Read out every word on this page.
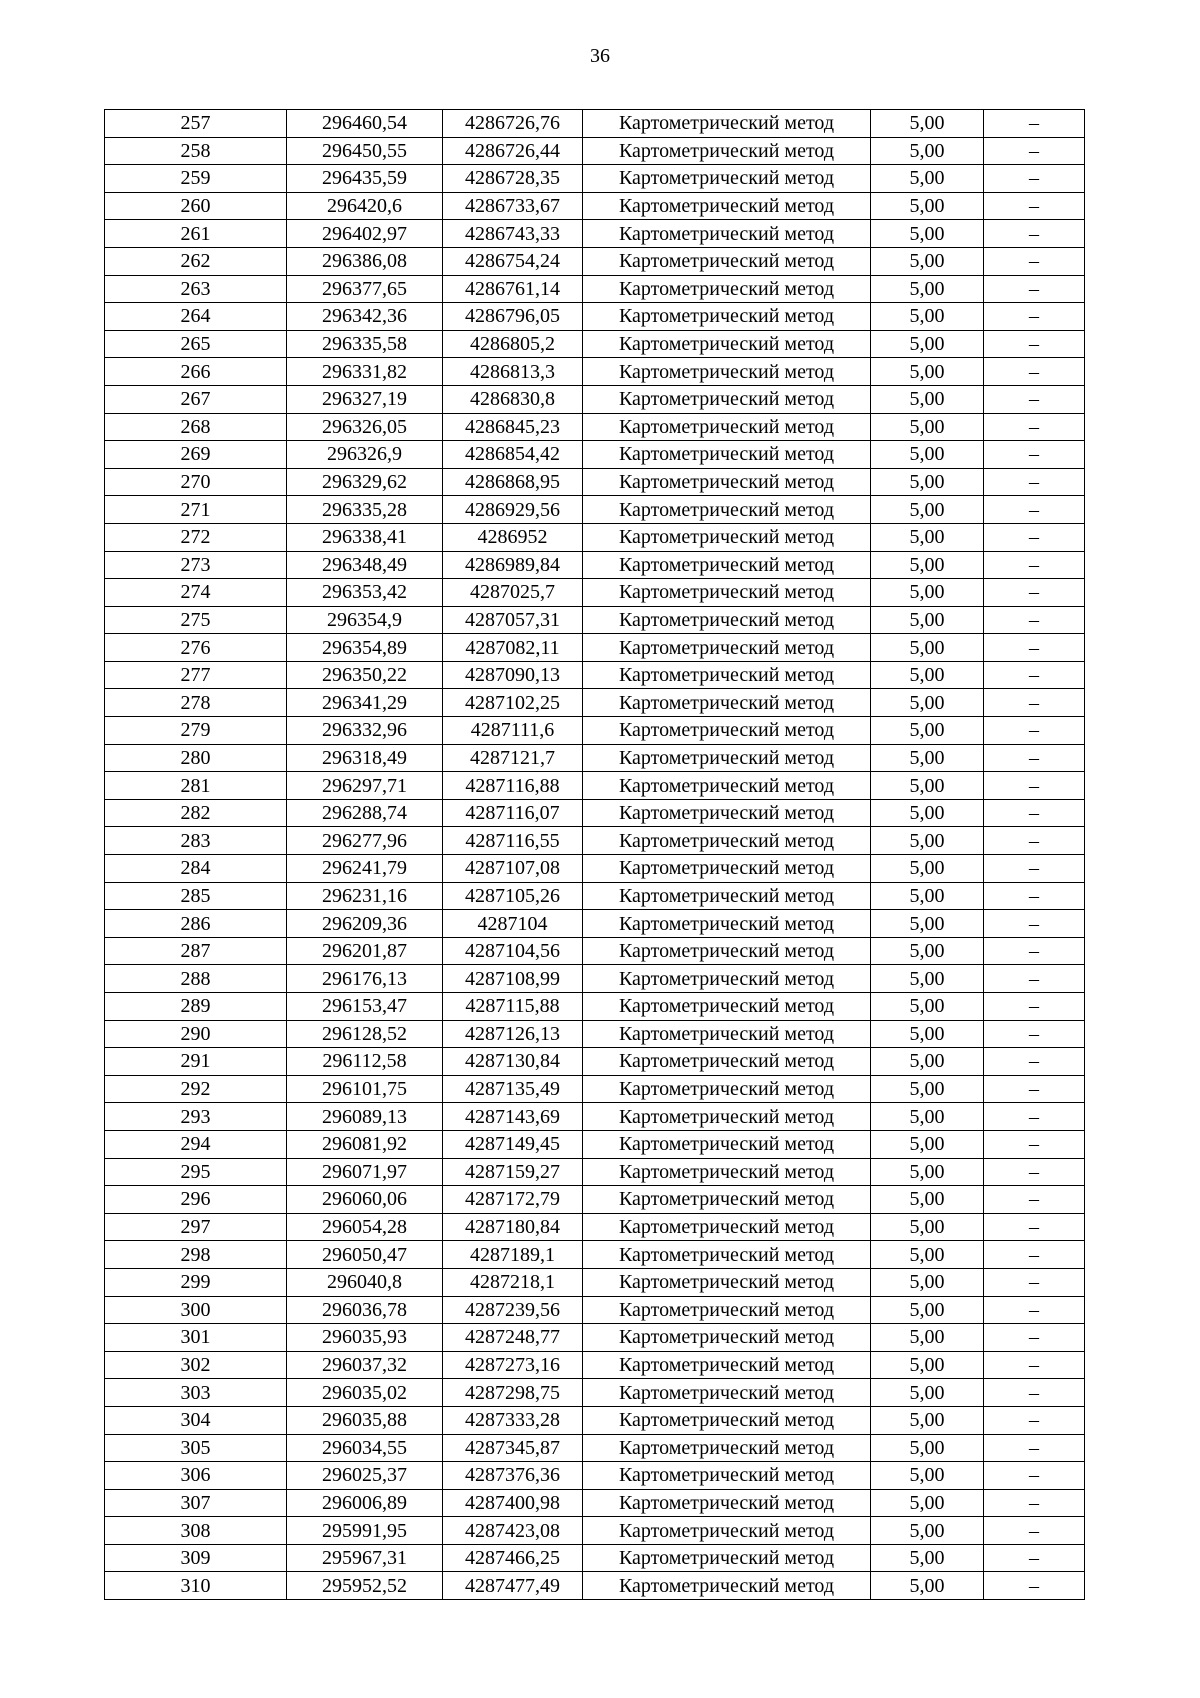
36
257	296460,54	4286726,76	Картометрический метод	5,00	–
258	296450,55	4286726,44	Картометрический метод	5,00	–
259	296435,59	4286728,35	Картометрический метод	5,00	–
260	296420,6	4286733,67	Картометрический метод	5,00	–
261	296402,97	4286743,33	Картометрический метод	5,00	–
262	296386,08	4286754,24	Картометрический метод	5,00	–
263	296377,65	4286761,14	Картометрический метод	5,00	–
264	296342,36	4286796,05	Картометрический метод	5,00	–
265	296335,58	4286805,2	Картометрический метод	5,00	–
266	296331,82	4286813,3	Картометрический метод	5,00	–
267	296327,19	4286830,8	Картометрический метод	5,00	–
268	296326,05	4286845,23	Картометрический метод	5,00	–
269	296326,9	4286854,42	Картометрический метод	5,00	–
270	296329,62	4286868,95	Картометрический метод	5,00	–
271	296335,28	4286929,56	Картометрический метод	5,00	–
272	296338,41	4286952	Картометрический метод	5,00	–
273	296348,49	4286989,84	Картометрический метод	5,00	–
274	296353,42	4287025,7	Картометрический метод	5,00	–
275	296354,9	4287057,31	Картометрический метод	5,00	–
276	296354,89	4287082,11	Картометрический метод	5,00	–
277	296350,22	4287090,13	Картометрический метод	5,00	–
278	296341,29	4287102,25	Картометрический метод	5,00	–
279	296332,96	4287111,6	Картометрический метод	5,00	–
280	296318,49	4287121,7	Картометрический метод	5,00	–
281	296297,71	4287116,88	Картометрический метод	5,00	–
282	296288,74	4287116,07	Картометрический метод	5,00	–
283	296277,96	4287116,55	Картометрический метод	5,00	–
284	296241,79	4287107,08	Картометрический метод	5,00	–
285	296231,16	4287105,26	Картометрический метод	5,00	–
286	296209,36	4287104	Картометрический метод	5,00	–
287	296201,87	4287104,56	Картометрический метод	5,00	–
288	296176,13	4287108,99	Картометрический метод	5,00	–
289	296153,47	4287115,88	Картометрический метод	5,00	–
290	296128,52	4287126,13	Картометрический метод	5,00	–
291	296112,58	4287130,84	Картометрический метод	5,00	–
292	296101,75	4287135,49	Картометрический метод	5,00	–
293	296089,13	4287143,69	Картометрический метод	5,00	–
294	296081,92	4287149,45	Картометрический метод	5,00	–
295	296071,97	4287159,27	Картометрический метод	5,00	–
296	296060,06	4287172,79	Картометрический метод	5,00	–
297	296054,28	4287180,84	Картометрический метод	5,00	–
298	296050,47	4287189,1	Картометрический метод	5,00	–
299	296040,8	4287218,1	Картометрический метод	5,00	–
300	296036,78	4287239,56	Картометрический метод	5,00	–
301	296035,93	4287248,77	Картометрический метод	5,00	–
302	296037,32	4287273,16	Картометрический метод	5,00	–
303	296035,02	4287298,75	Картометрический метод	5,00	–
304	296035,88	4287333,28	Картометрический метод	5,00	–
305	296034,55	4287345,87	Картометрический метод	5,00	–
306	296025,37	4287376,36	Картометрический метод	5,00	–
307	296006,89	4287400,98	Картометрический метод	5,00	–
308	295991,95	4287423,08	Картометрический метод	5,00	–
309	295967,31	4287466,25	Картометрический метод	5,00	–
310	295952,52	4287477,49	Картометрический метод	5,00	–
